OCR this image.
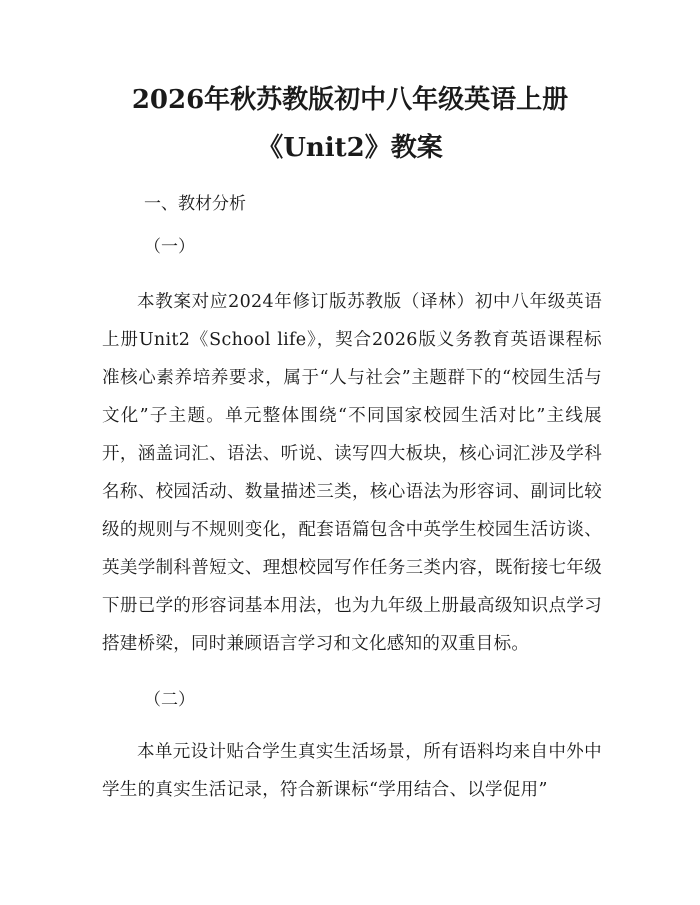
2026年秋苏教版初中八年级英语上册
《Unit2》教案
一、教材分析
（一）
本教案对应2024年修订版苏教版（译林）初中八年级英语上册Unit2《School life》，契合2026版义务教育英语课程标准核心素养培养要求，属于“人与社会”主题群下的“校园生活与文化”子主题。单元整体围绕“不同国家校园生活对比”主线展开，涵盖词汇、语法、听说、读写四大板块，核心词汇涉及学科名称、校园活动、数量描述三类，核心语法为形容词、副词比较级的规则与不规则变化，配套语篇包含中英学生校园生活访谈、英美学制科普短文、理想校园写作任务三类内容，既衔接七年级下册已学的形容词基本用法，也为九年级上册最高级知识点学习搭建桥梁，同时兼顾语言学习和文化感知的双重目标。
（二）
本单元设计贴合学生真实生活场景，所有语料均来自中外中学生的真实生活记录，符合新课标“学用结合、以学促用”
